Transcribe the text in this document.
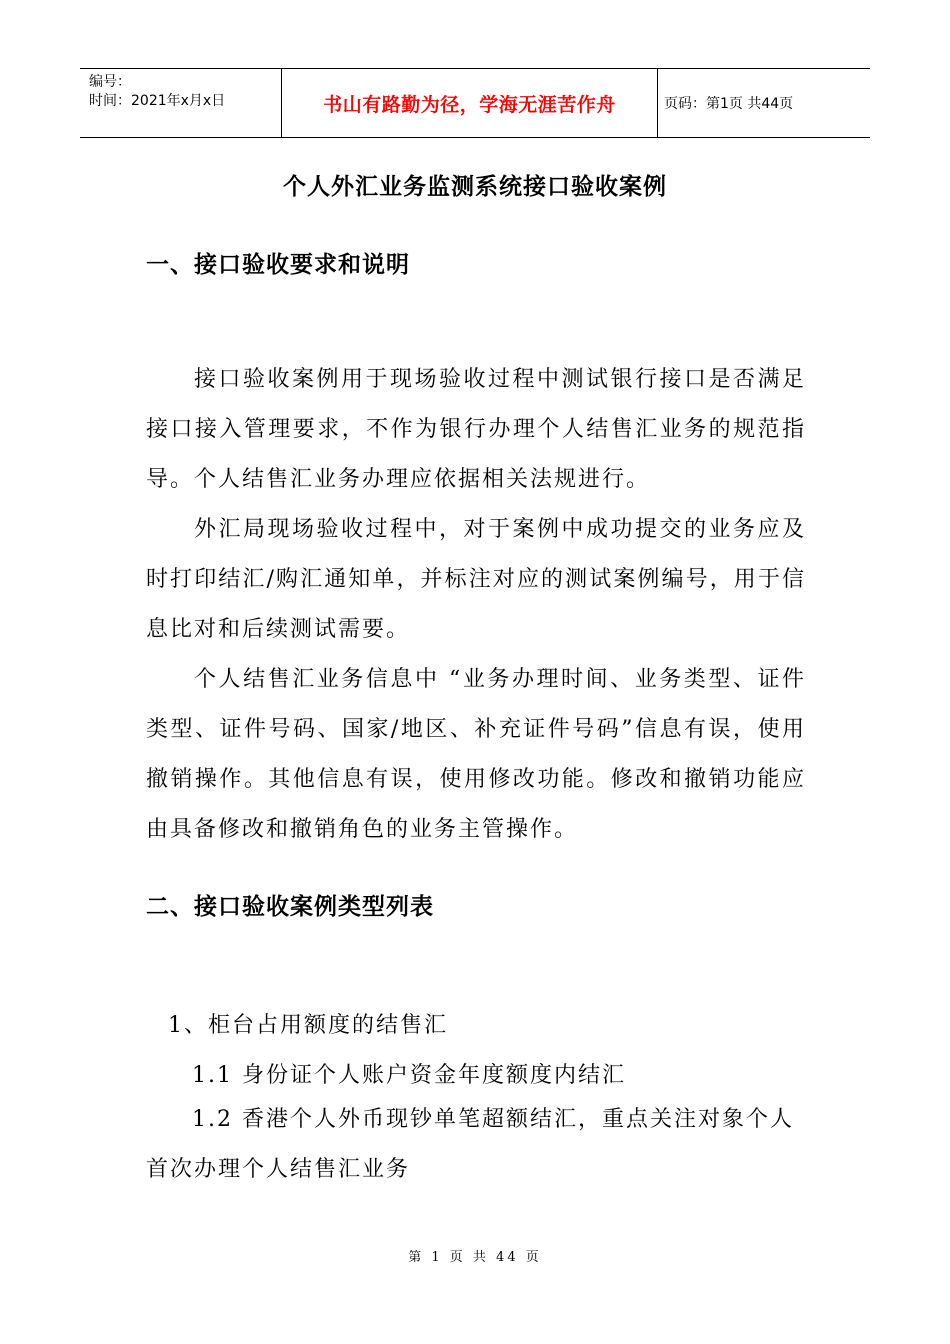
编号：
时间：2021年x月x日	书山有路勤为径，学海无涯苦作舟	页码：第1页 共44页
个人外汇业务监测系统接口验收案例
一、接口验收要求和说明

接口验收案例用于现场验收过程中测试银行接口是否满足接口接入管理要求，不作为银行办理个人结售汇业务的规范指导。个人结售汇业务办理应依据相关法规进行。

外汇局现场验收过程中，对于案例中成功提交的业务应及时打印结汇/购汇通知单，并标注对应的测试案例编号，用于信息比对和后续测试需要。

个人结售汇业务信息中 “业务办理时间、业务类型、证件类型、证件号码、国家/地区、补充证件号码”信息有误，使用撤销操作。其他信息有误，使用修改功能。修改和撤销功能应由具备修改和撤销角色的业务主管操作。

二、接口验收案例类型列表
1、柜台占用额度的结售汇
1.1 身份证个人账户资金年度额度内结汇

1.2 香港个人外币现钞单笔超额结汇，重点关注对象个人首次办理个人结售汇业务

第 1 页 共 44 页
